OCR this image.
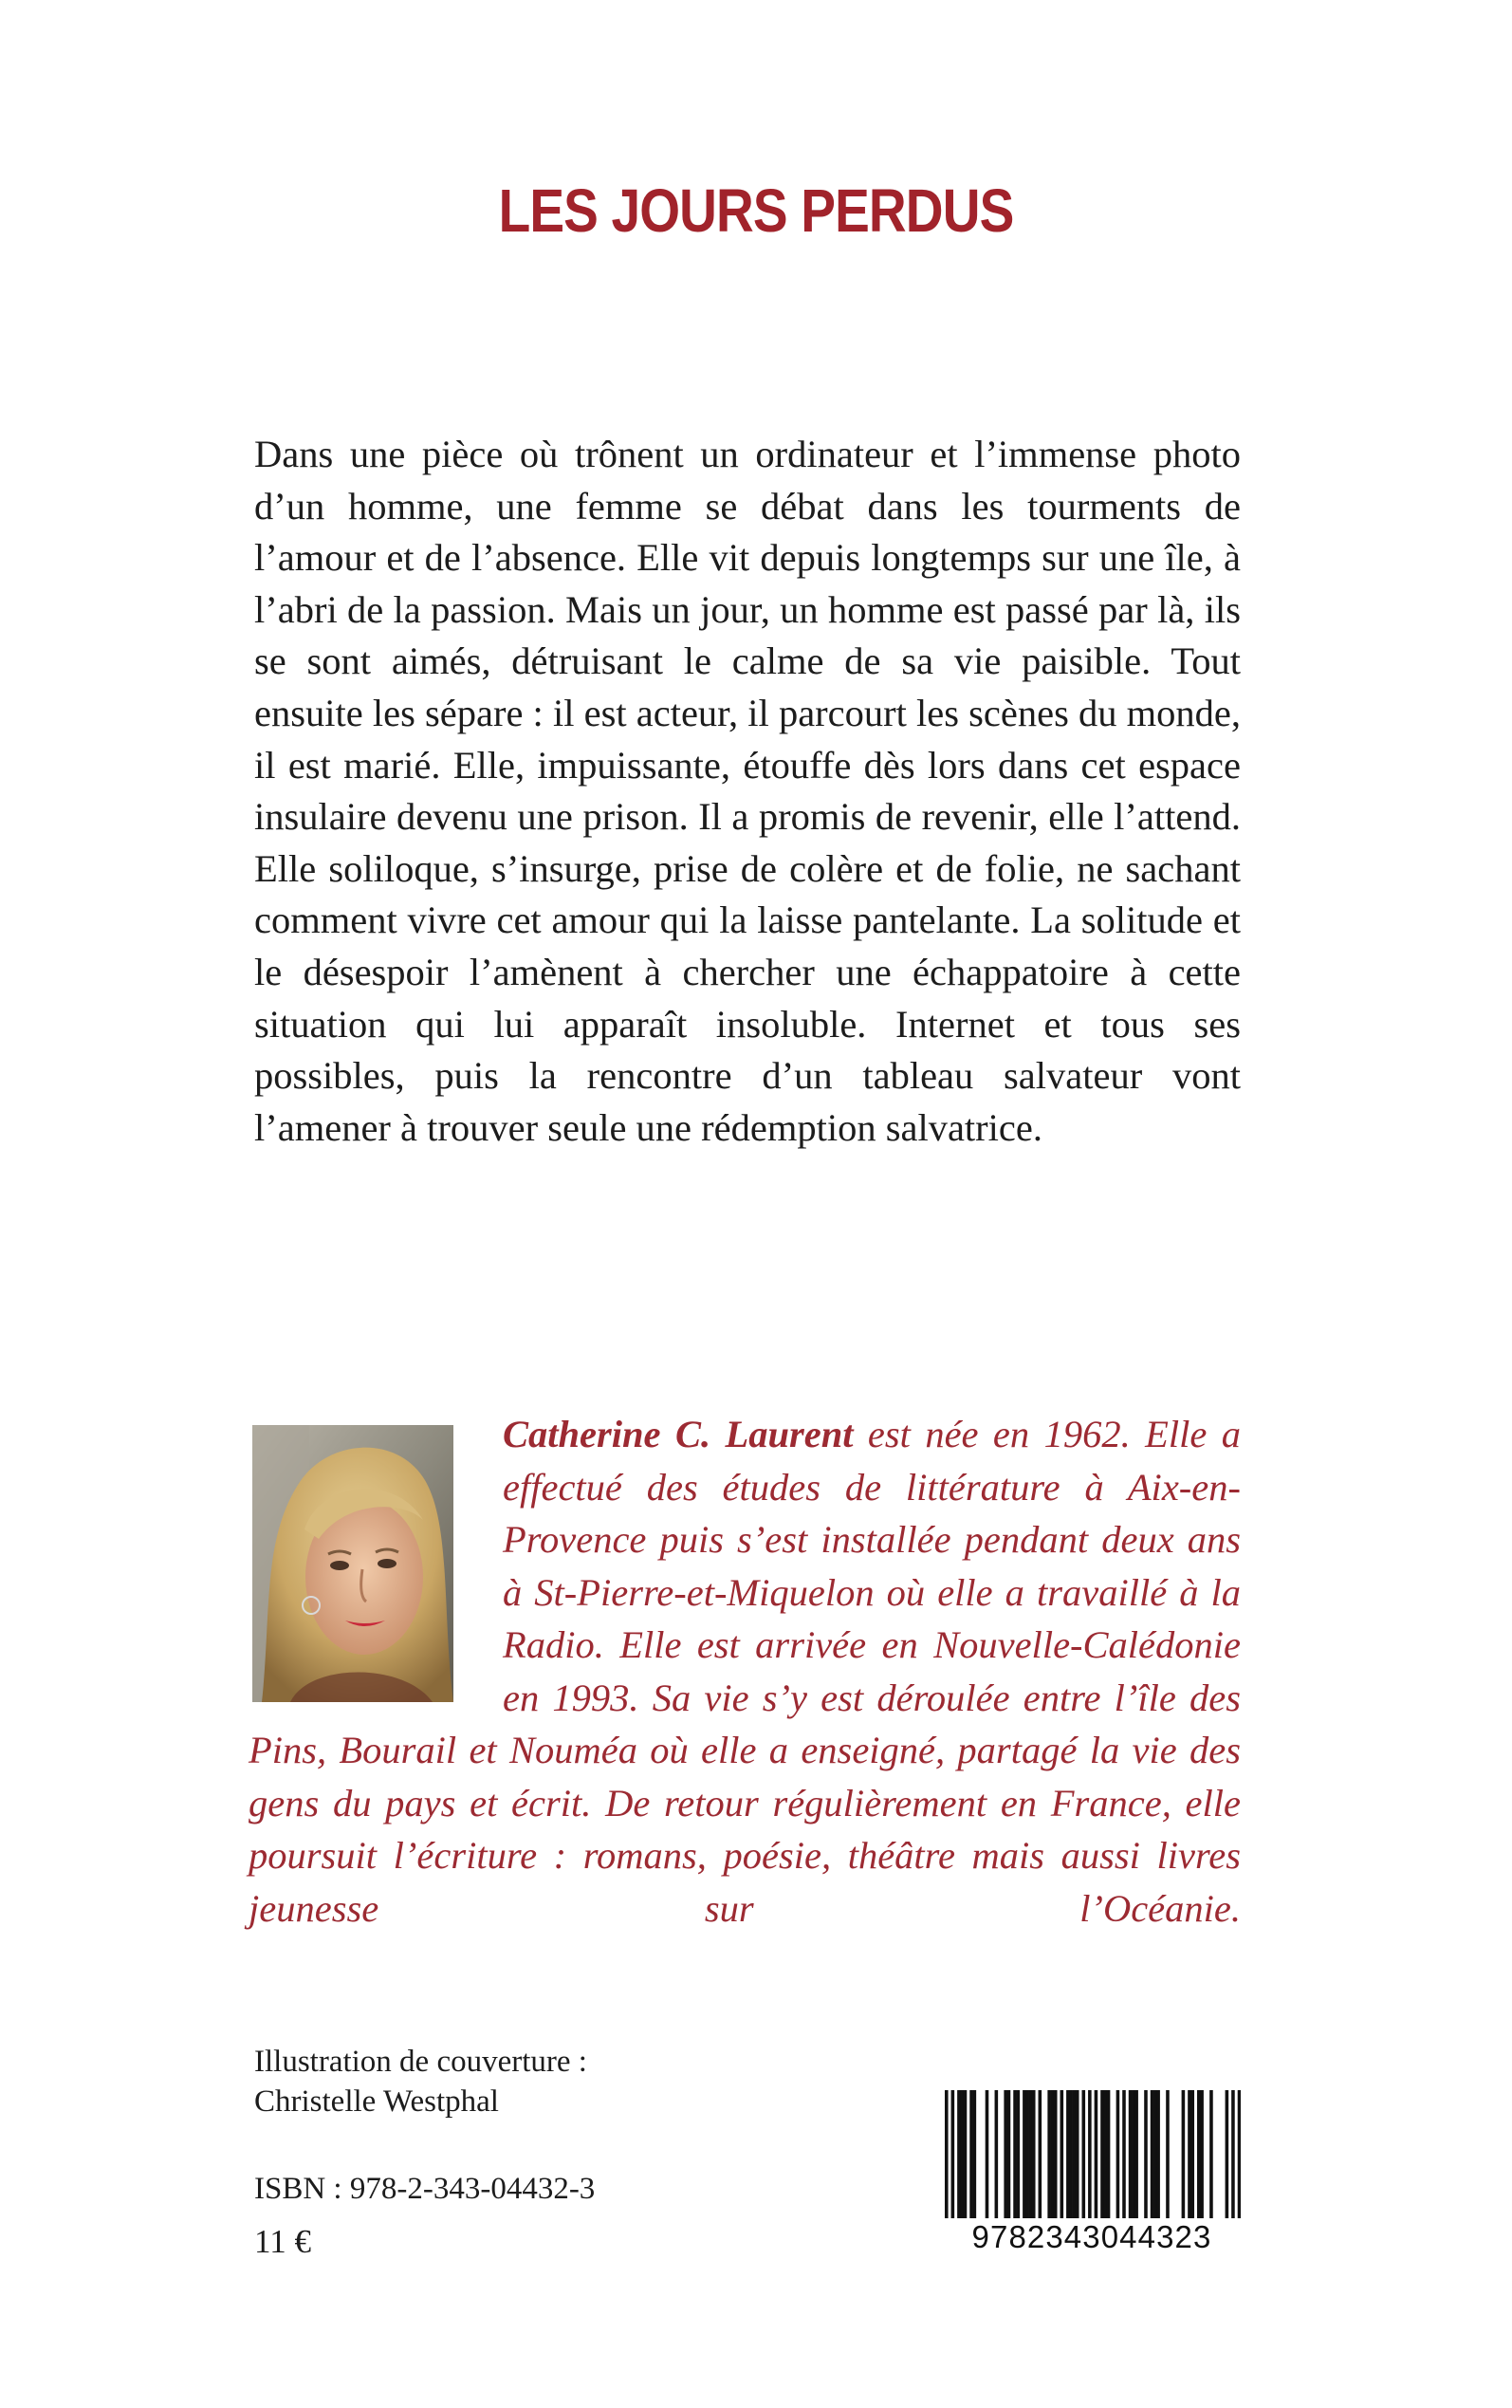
LES JOURS PERDUS

Dans une pièce où trônent un ordinateur et l’immense photo d’un homme, une femme se débat dans les tourments de l’amour et de l’absence. Elle vit depuis longtemps sur une île, à l’abri de la passion. Mais un jour, un homme est passé par là, ils se sont aimés, détruisant le calme de sa vie paisible. Tout ensuite les sépare : il est acteur, il parcourt les scènes du monde, il est marié. Elle, impuissante, étouffe dès lors dans cet espace insulaire devenu une prison. Il a promis de revenir, elle l’attend. Elle soliloque, s’insurge, prise de colère et de folie, ne sachant comment vivre cet amour qui la laisse pantelante. La solitude et le désespoir l’amènent à chercher une échappatoire à cette situation qui lui apparaît insoluble. Internet et tous ses possibles, puis la rencontre d’un tableau salvateur vont l’amener à trouver seule une rédemption salvatrice.

Catherine C. Laurent est née en 1962. Elle a effectué des études de littérature à Aix-en-Provence puis s’est installée pendant deux ans à St-Pierre-et-Miquelon où elle a travaillé à la Radio. Elle est arrivée en Nouvelle-Calédonie en 1993. Sa vie s’y est déroulée entre l’île des Pins, Bourail et Nouméa où elle a enseigné, partagé la vie des gens du pays et écrit. De retour régulièrement en France, elle poursuit l’écriture : romans, poésie, théâtre mais aussi livres jeunesse sur l’Océanie.

Illustration de couverture :
Christelle Westphal

ISBN : 978-2-343-04432-3
11 €	9782343044323
